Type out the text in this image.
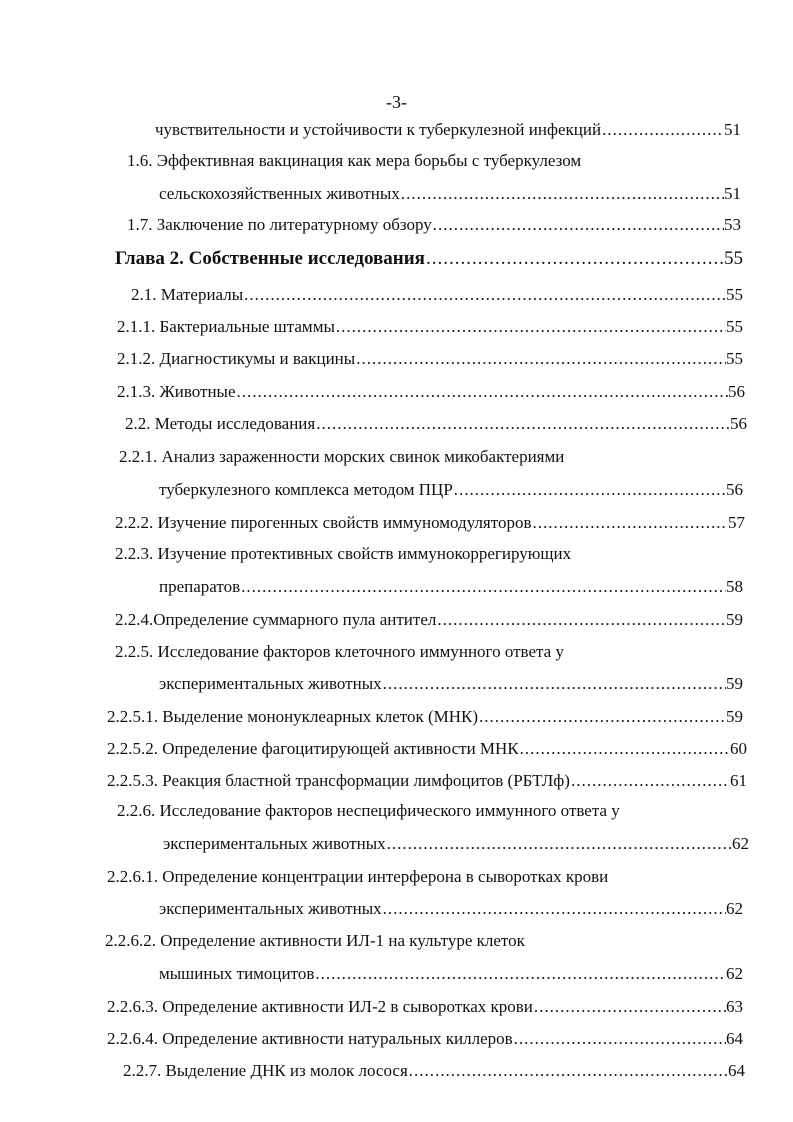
-3-
чувствительности и устойчивости к туберкулезной инфекций .....	51
1.6. Эффективная вакцинация как мера борьбы с туберкулезом
сельскохозяйственных животных .....	51
1.7. Заключение по литературному обзору .....	53
Глава 2. Собственные исследования .....	55
2.1. Материалы .....	55
2.1.1. Бактериальные штаммы .....	55
2.1.2. Диагностикумы и вакцины .....	55
2.1.3. Животные .....	56
2.2. Методы исследования .....	56
2.2.1. Анализ зараженности морских свинок микобактериями
туберкулезного комплекса методом ПЦР .....	56
2.2.2. Изучение пирогенных свойств иммуномодуляторов .....	57
2.2.3. Изучение протективных свойств иммунокоррегирующих
препаратов .....	58
2.2.4.Определение суммарного пула антител .....	59
2.2.5. Исследование факторов клеточного иммунного ответа у
экспериментальных животных .....	59
2.2.5.1. Выделение мононуклеарных клеток (МНК) .....	59
2.2.5.2. Определение фагоцитирующей активности МНК .....	60
2.2.5.3. Реакция бластной трансформации лимфоцитов (РБТЛф) .....	61
2.2.6. Исследование факторов неспецифического иммунного ответа у
экспериментальных животных .....	62
2.2.6.1. Определение концентрации интерферона в сыворотках крови
экспериментальных животных .....	62
2.2.6.2. Определение активности ИЛ-1 на культуре клеток
мышиных тимоцитов .....	62
2.2.6.3. Определение активности ИЛ-2 в сыворотках крови .....	63
2.2.6.4. Определение активности натуральных киллеров .....	64
2.2.7. Выделение ДНК из молок лосося .....	64
